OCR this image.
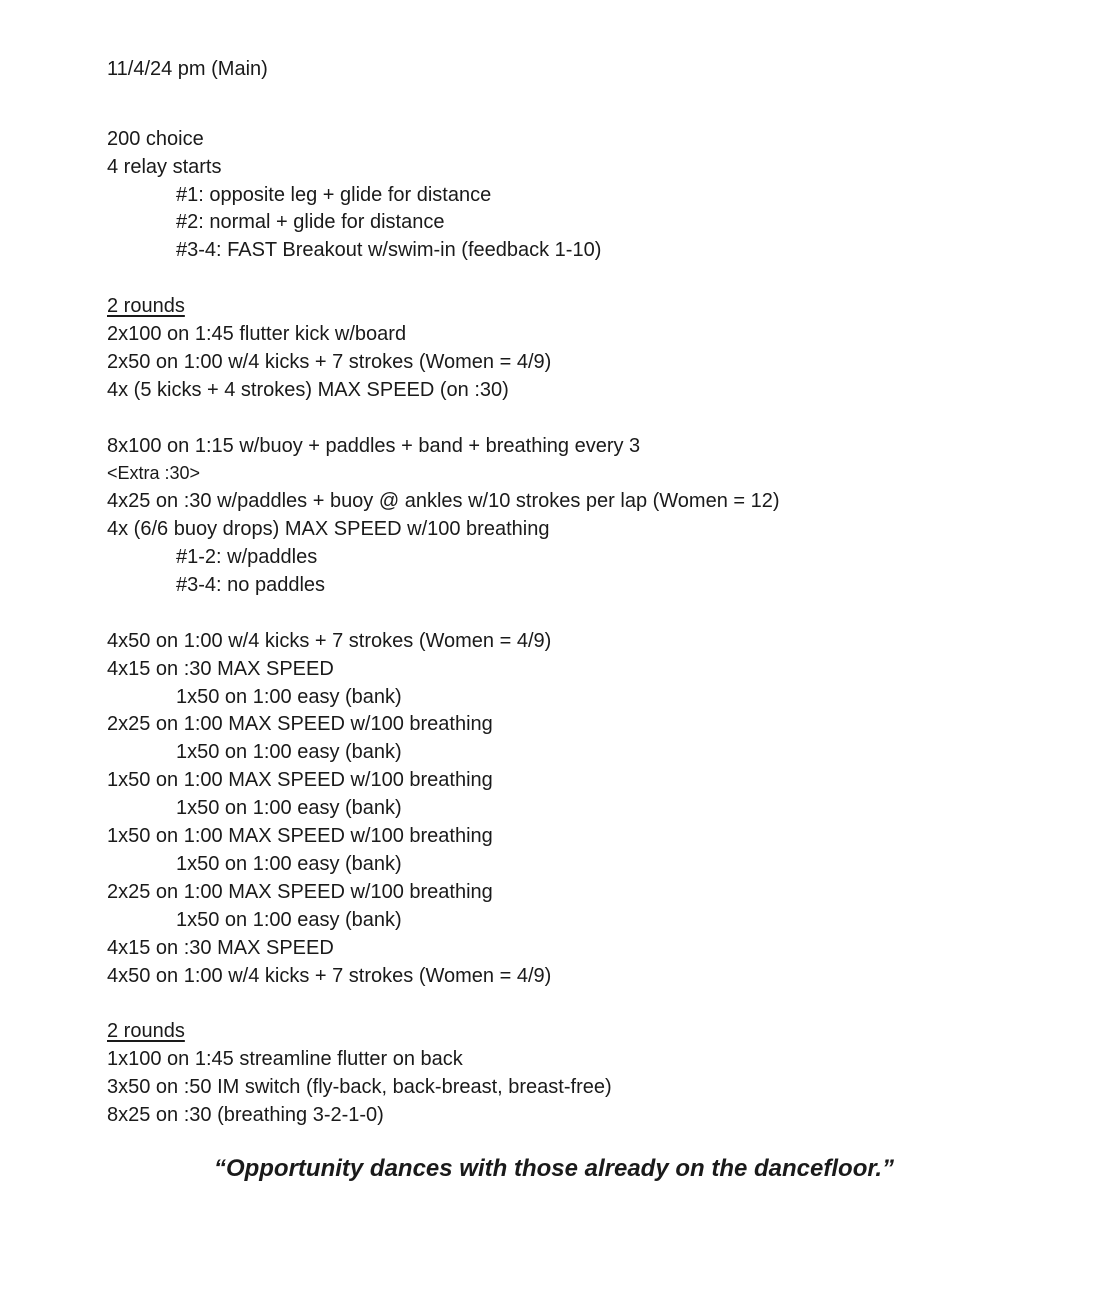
11/4/24 pm (Main)
200 choice
4 relay starts
#1: opposite leg + glide for distance
#2: normal + glide for distance
#3-4: FAST Breakout w/swim-in (feedback 1-10)
2 rounds
2x100 on 1:45 flutter kick w/board
2x50 on 1:00 w/4 kicks + 7 strokes (Women = 4/9)
4x (5 kicks + 4 strokes) MAX SPEED (on :30)
8x100 on 1:15 w/buoy + paddles + band + breathing every 3
<Extra :30>
4x25 on :30 w/paddles + buoy @ ankles w/10 strokes per lap (Women = 12)
4x (6/6 buoy drops) MAX SPEED w/100 breathing
#1-2: w/paddles
#3-4: no paddles
4x50 on 1:00 w/4 kicks + 7 strokes (Women = 4/9)
4x15 on :30 MAX SPEED
1x50 on 1:00 easy (bank)
2x25 on 1:00 MAX SPEED w/100 breathing
1x50 on 1:00 easy (bank)
1x50 on 1:00 MAX SPEED w/100 breathing
1x50 on 1:00 easy (bank)
1x50 on 1:00 MAX SPEED w/100 breathing
1x50 on 1:00 easy (bank)
2x25 on 1:00 MAX SPEED w/100 breathing
1x50 on 1:00 easy (bank)
4x15 on :30 MAX SPEED
4x50 on 1:00 w/4 kicks + 7 strokes (Women = 4/9)
2 rounds
1x100 on 1:45 streamline flutter on back
3x50 on :50 IM switch (fly-back, back-breast, breast-free)
8x25 on :30 (breathing 3-2-1-0)
“Opportunity dances with those already on the dancefloor.”
